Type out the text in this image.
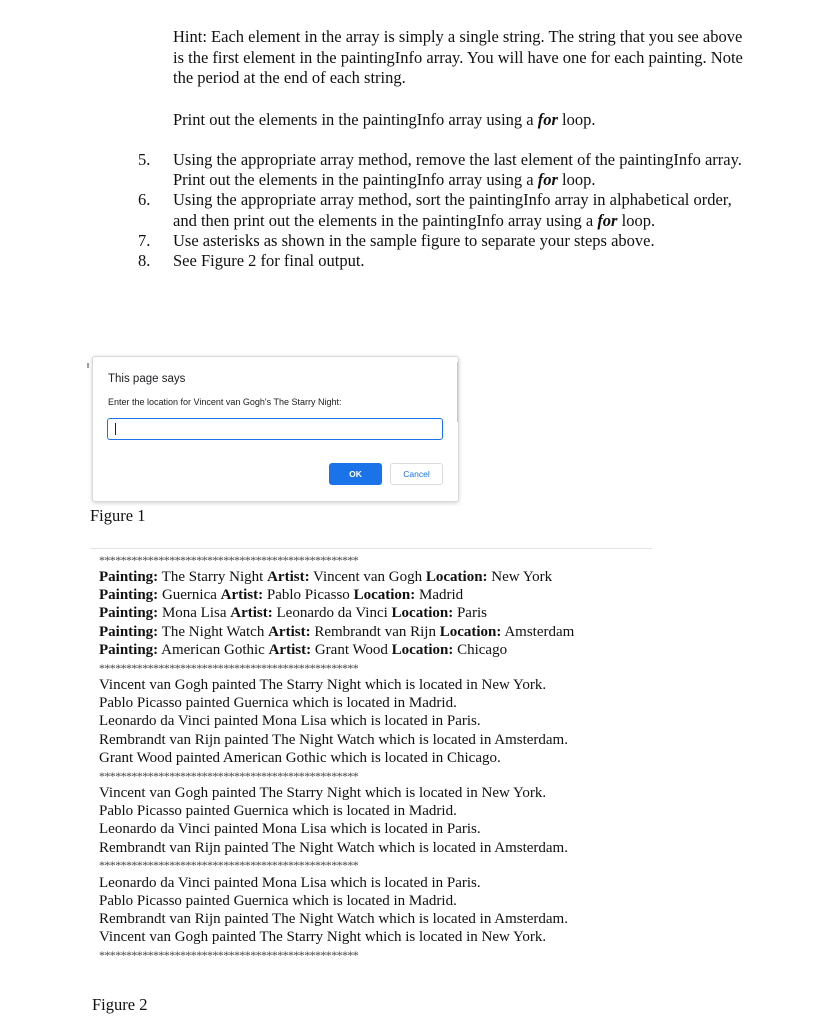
Hint: Each element in the array is simply a single string. The string that you see above is the first element in the paintingInfo array. You will have one for each painting. Note the period at the end of each string.

Print out the elements in the paintingInfo array using a for loop.

5. Using the appropriate array method, remove the last element of the paintingInfo array. Print out the elements in the paintingInfo array using a for loop.
6. Using the appropriate array method, sort the paintingInfo array in alphabetical order, and then print out the elements in the paintingInfo array using a for loop.
7. Use asterisks as shown in the sample figure to separate your steps above.
8. See Figure 2 for final output.
This page says
Enter the location for Vincent van Gogh's The Starry Night:
OK	Cancel
Figure 1
************************************************
Painting: The Starry Night Artist: Vincent van Gogh Location: New York
Painting: Guernica Artist: Pablo Picasso Location: Madrid
Painting: Mona Lisa Artist: Leonardo da Vinci Location: Paris
Painting: The Night Watch Artist: Rembrandt van Rijn Location: Amsterdam
Painting: American Gothic Artist: Grant Wood Location: Chicago
************************************************
Vincent van Gogh painted The Starry Night which is located in New York.
Pablo Picasso painted Guernica which is located in Madrid.
Leonardo da Vinci painted Mona Lisa which is located in Paris.
Rembrandt van Rijn painted The Night Watch which is located in Amsterdam.
Grant Wood painted American Gothic which is located in Chicago.
************************************************
Vincent van Gogh painted The Starry Night which is located in New York.
Pablo Picasso painted Guernica which is located in Madrid.
Leonardo da Vinci painted Mona Lisa which is located in Paris.
Rembrandt van Rijn painted The Night Watch which is located in Amsterdam.
************************************************
Leonardo da Vinci painted Mona Lisa which is located in Paris.
Pablo Picasso painted Guernica which is located in Madrid.
Rembrandt van Rijn painted The Night Watch which is located in Amsterdam.
Vincent van Gogh painted The Starry Night which is located in New York.
************************************************
Figure 2
